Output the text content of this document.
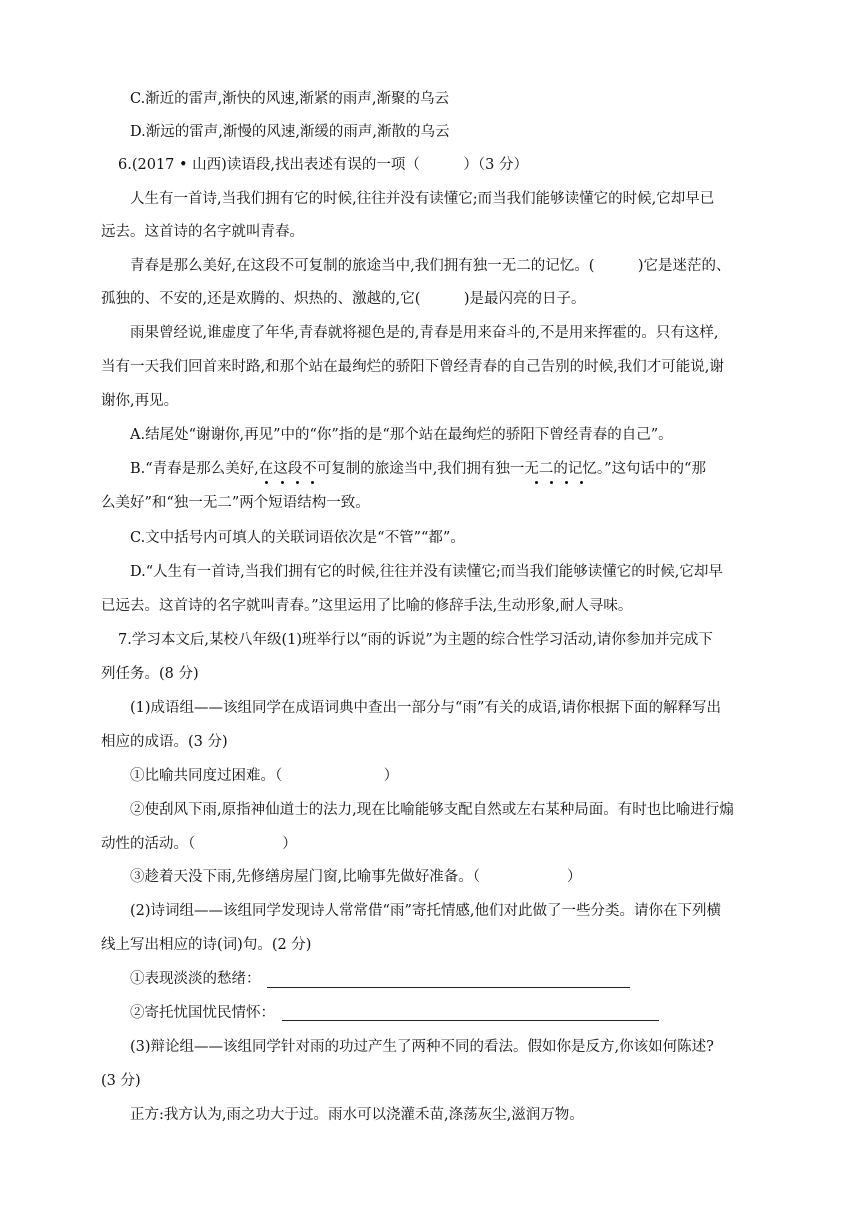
C.渐近的雷声,渐快的风速,渐紧的雨声,渐聚的乌云
D.渐远的雷声,渐慢的风速,渐缓的雨声,渐散的乌云
6.(2017 • 山西)读语段,找出表述有误的一项（　　　）（3 分）
人生有一首诗,当我们拥有它的时候,往往并没有读懂它;而当我们能够读懂它的时候,它却早已
远去。这首诗的名字就叫青春。
青春是那么美好,在这段不可复制的旅途当中,我们拥有独一无二的记忆。(　　　)它是迷茫的、
孤独的、不安的,还是欢腾的、炽热的、激越的,它(　　　)是最闪亮的日子。
雨果曾经说,谁虚度了年华,青春就将褪色是的,青春是用来奋斗的,不是用来挥霍的。只有这样,
当有一天我们回首来时路,和那个站在最绚烂的骄阳下曾经青春的自己告别的时候,我们才可能说,谢
谢你,再见。
A.结尾处“谢谢你,再见”中的“你”指的是“那个站在最绚烂的骄阳下曾经青春的自己”。
B.“青春是那么美好,在这段不可复制的旅途当中,我们拥有独一无二的记忆。”这句话中的“那
么美好”和“独一无二”两个短语结构一致。
C.文中括号内可填人的关联词语依次是“不管”“都”。
D.“人生有一首诗,当我们拥有它的时候,往往并没有读懂它;而当我们能够读懂它的时候,它却早
已远去。这首诗的名字就叫青春。”这里运用了比喻的修辞手法,生动形象,耐人寻味。
7.学习本文后,某校八年级(1)班举行以“雨的诉说”为主题的综合性学习活动,请你参加并完成下
列任务。(8 分)
(1)成语组——该组同学在成语词典中查出一部分与“雨”有关的成语,请你根据下面的解释写出
相应的成语。(3 分)
①比喻共同度过困难。（　　　　　　　）
②使刮风下雨,原指神仙道士的法力,现在比喻能够支配自然或左右某种局面。有时也比喻进行煽
动性的活动。（　　　　　　）
③趁着天没下雨,先修缮房屋门窗,比喻事先做好准备。（　　　　　　）
(2)诗词组——该组同学发现诗人常常借“雨”寄托情感,他们对此做了一些分类。请你在下列横
线上写出相应的诗(词)句。(2 分)
①表现淡淡的愁绪：
②寄托忧国忧民情怀：
(3)辩论组——该组同学针对雨的功过产生了两种不同的看法。假如你是反方,你该如何陈述?
(3 分)
正方:我方认为,雨之功大于过。雨水可以浇灌禾苗,涤荡灰尘,滋润万物。
